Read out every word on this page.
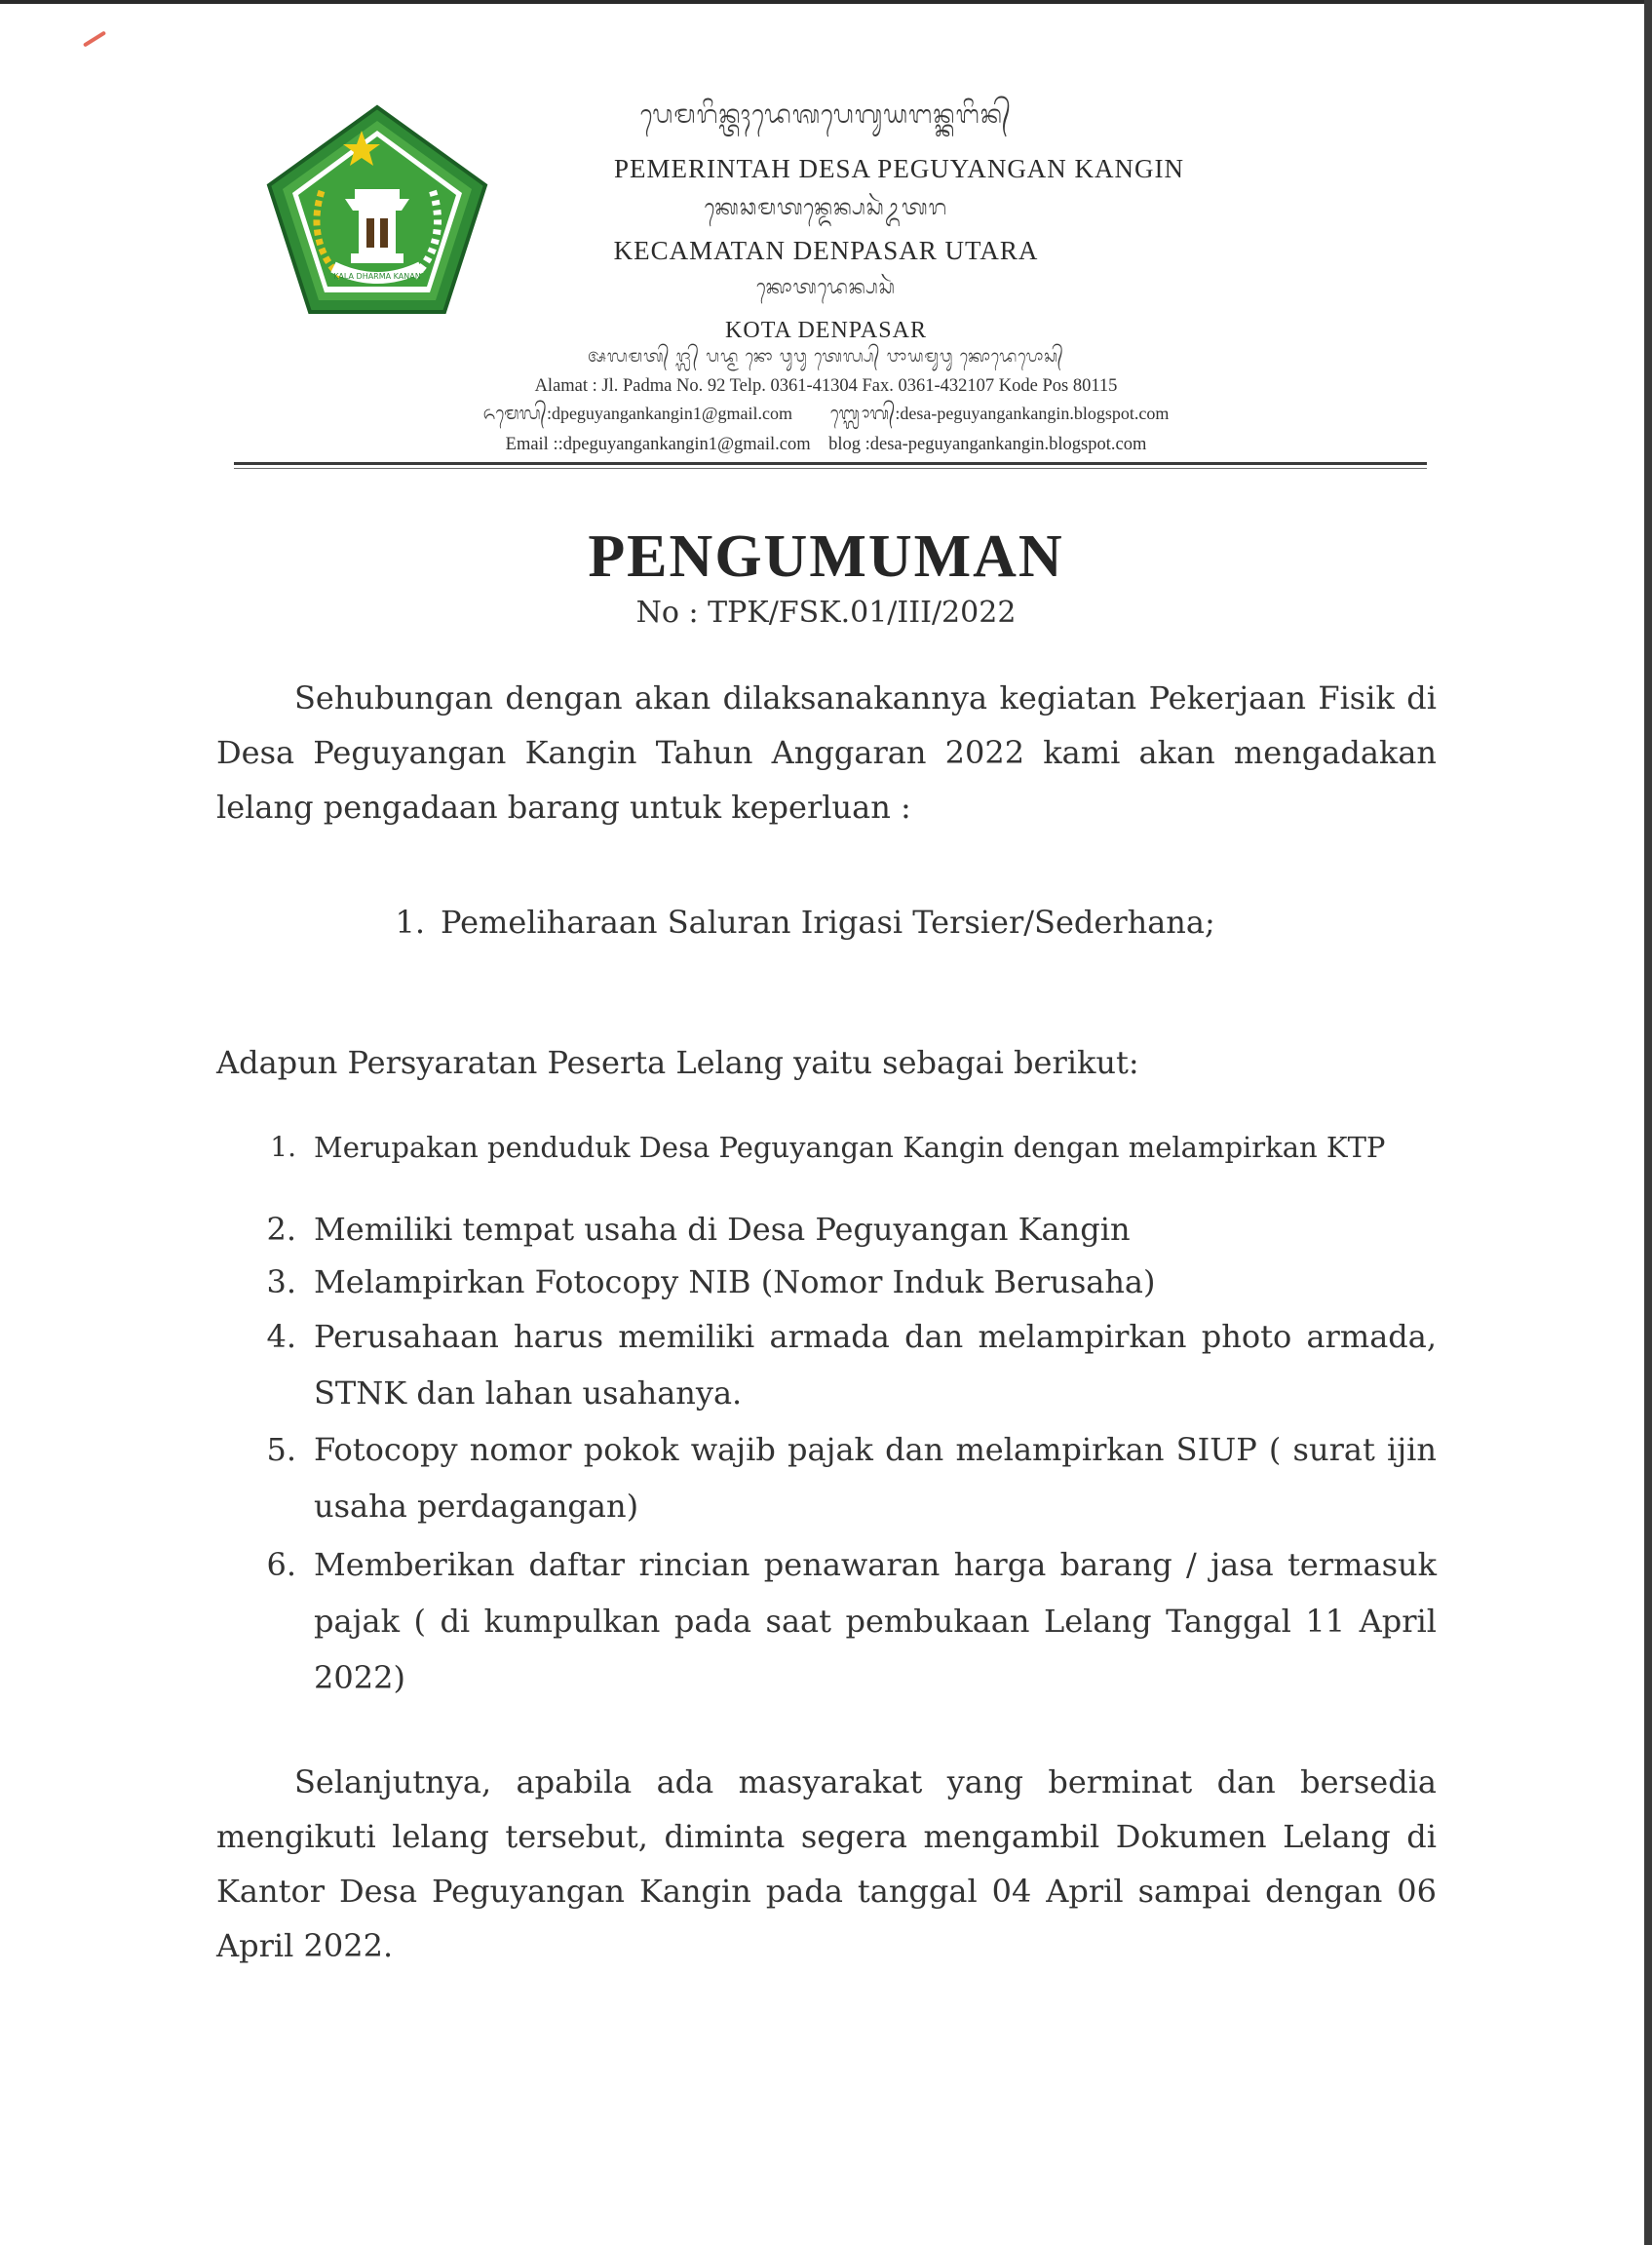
KALA DHARMA KANAN
ᬧᬾᬫᬭᬶᬦ᭄ᬢᬄᬤᬾᬰᬧᬾᬕᬸᬬᬗᬦ᭄ᬓᬗᬶᬦ᭄
PEMERINTAH DESA PEGUYANGAN KANGIN
ᬓᬾᬘᬫᬢᬦ᭄ᬤᬾᬦ᭄ᬧᬲᬃᬉᬢᬭ
KECAMATAN DENPASAR UTARA
ᬓᭀᬢᬤᬾᬦ᭄ᬧᬲᬃ
KOTA DENPASAR
ᬅᬮᬫᬢ᭄ ᬚ᭄ᬮ᭄ ᬧᬤ᭄ᬫ ᬦᭀ ᬯᬸᬯᬸ ᬢᬾᬮ᭄ᬧ᭄ ᬯᬵᬬᬫᬸᬯᬸ ᬓᭀᬤᬾᬧᭀᬲ᭄
Alamat : Jl. Padma No. 92 Telp. 0361-41304 Fax. 0361-432107 Kode Pos 80115
ᬏᬫᬾᬮ᭄:dpeguyangankangin1@gmail.com ᬩ᭄ᬮᭀᬕ᭄:desa-peguyangankangin.blogspot.com
Email ::dpeguyangankangin1@gmail.com    blog :desa-peguyangankangin.blogspot.com
PENGUMUMAN
No : TPK/FSK.01/III/2022
Sehubungan dengan akan dilaksanakannya kegiatan Pekerjaan Fisik di
Desa Peguyangan Kangin Tahun Anggaran 2022 kami akan mengadakan
lelang pengadaan barang untuk keperluan :
1. Pemeliharaan Saluran Irigasi Tersier/Sederhana;
Adapun Persyaratan Peserta Lelang yaitu sebagai berikut:
1. Merupakan penduduk Desa Peguyangan Kangin dengan melampirkan KTP
2. Memiliki tempat usaha di Desa Peguyangan Kangin
3. Melampirkan Fotocopy NIB (Nomor Induk Berusaha)
4. Perusahaan harus memiliki armada dan melampirkan photo armada,
STNK dan lahan usahanya.
5. Fotocopy nomor pokok wajib pajak dan melampirkan SIUP ( surat ijin
usaha perdagangan)
6. Memberikan daftar rincian penawaran harga barang / jasa termasuk
pajak ( di kumpulkan pada saat pembukaan Lelang Tanggal 11 April
2022)
Selanjutnya, apabila ada masyarakat yang berminat dan bersedia
mengikuti lelang tersebut, diminta segera mengambil Dokumen Lelang di
Kantor Desa Peguyangan Kangin pada tanggal 04 April sampai dengan 06
April 2022.
